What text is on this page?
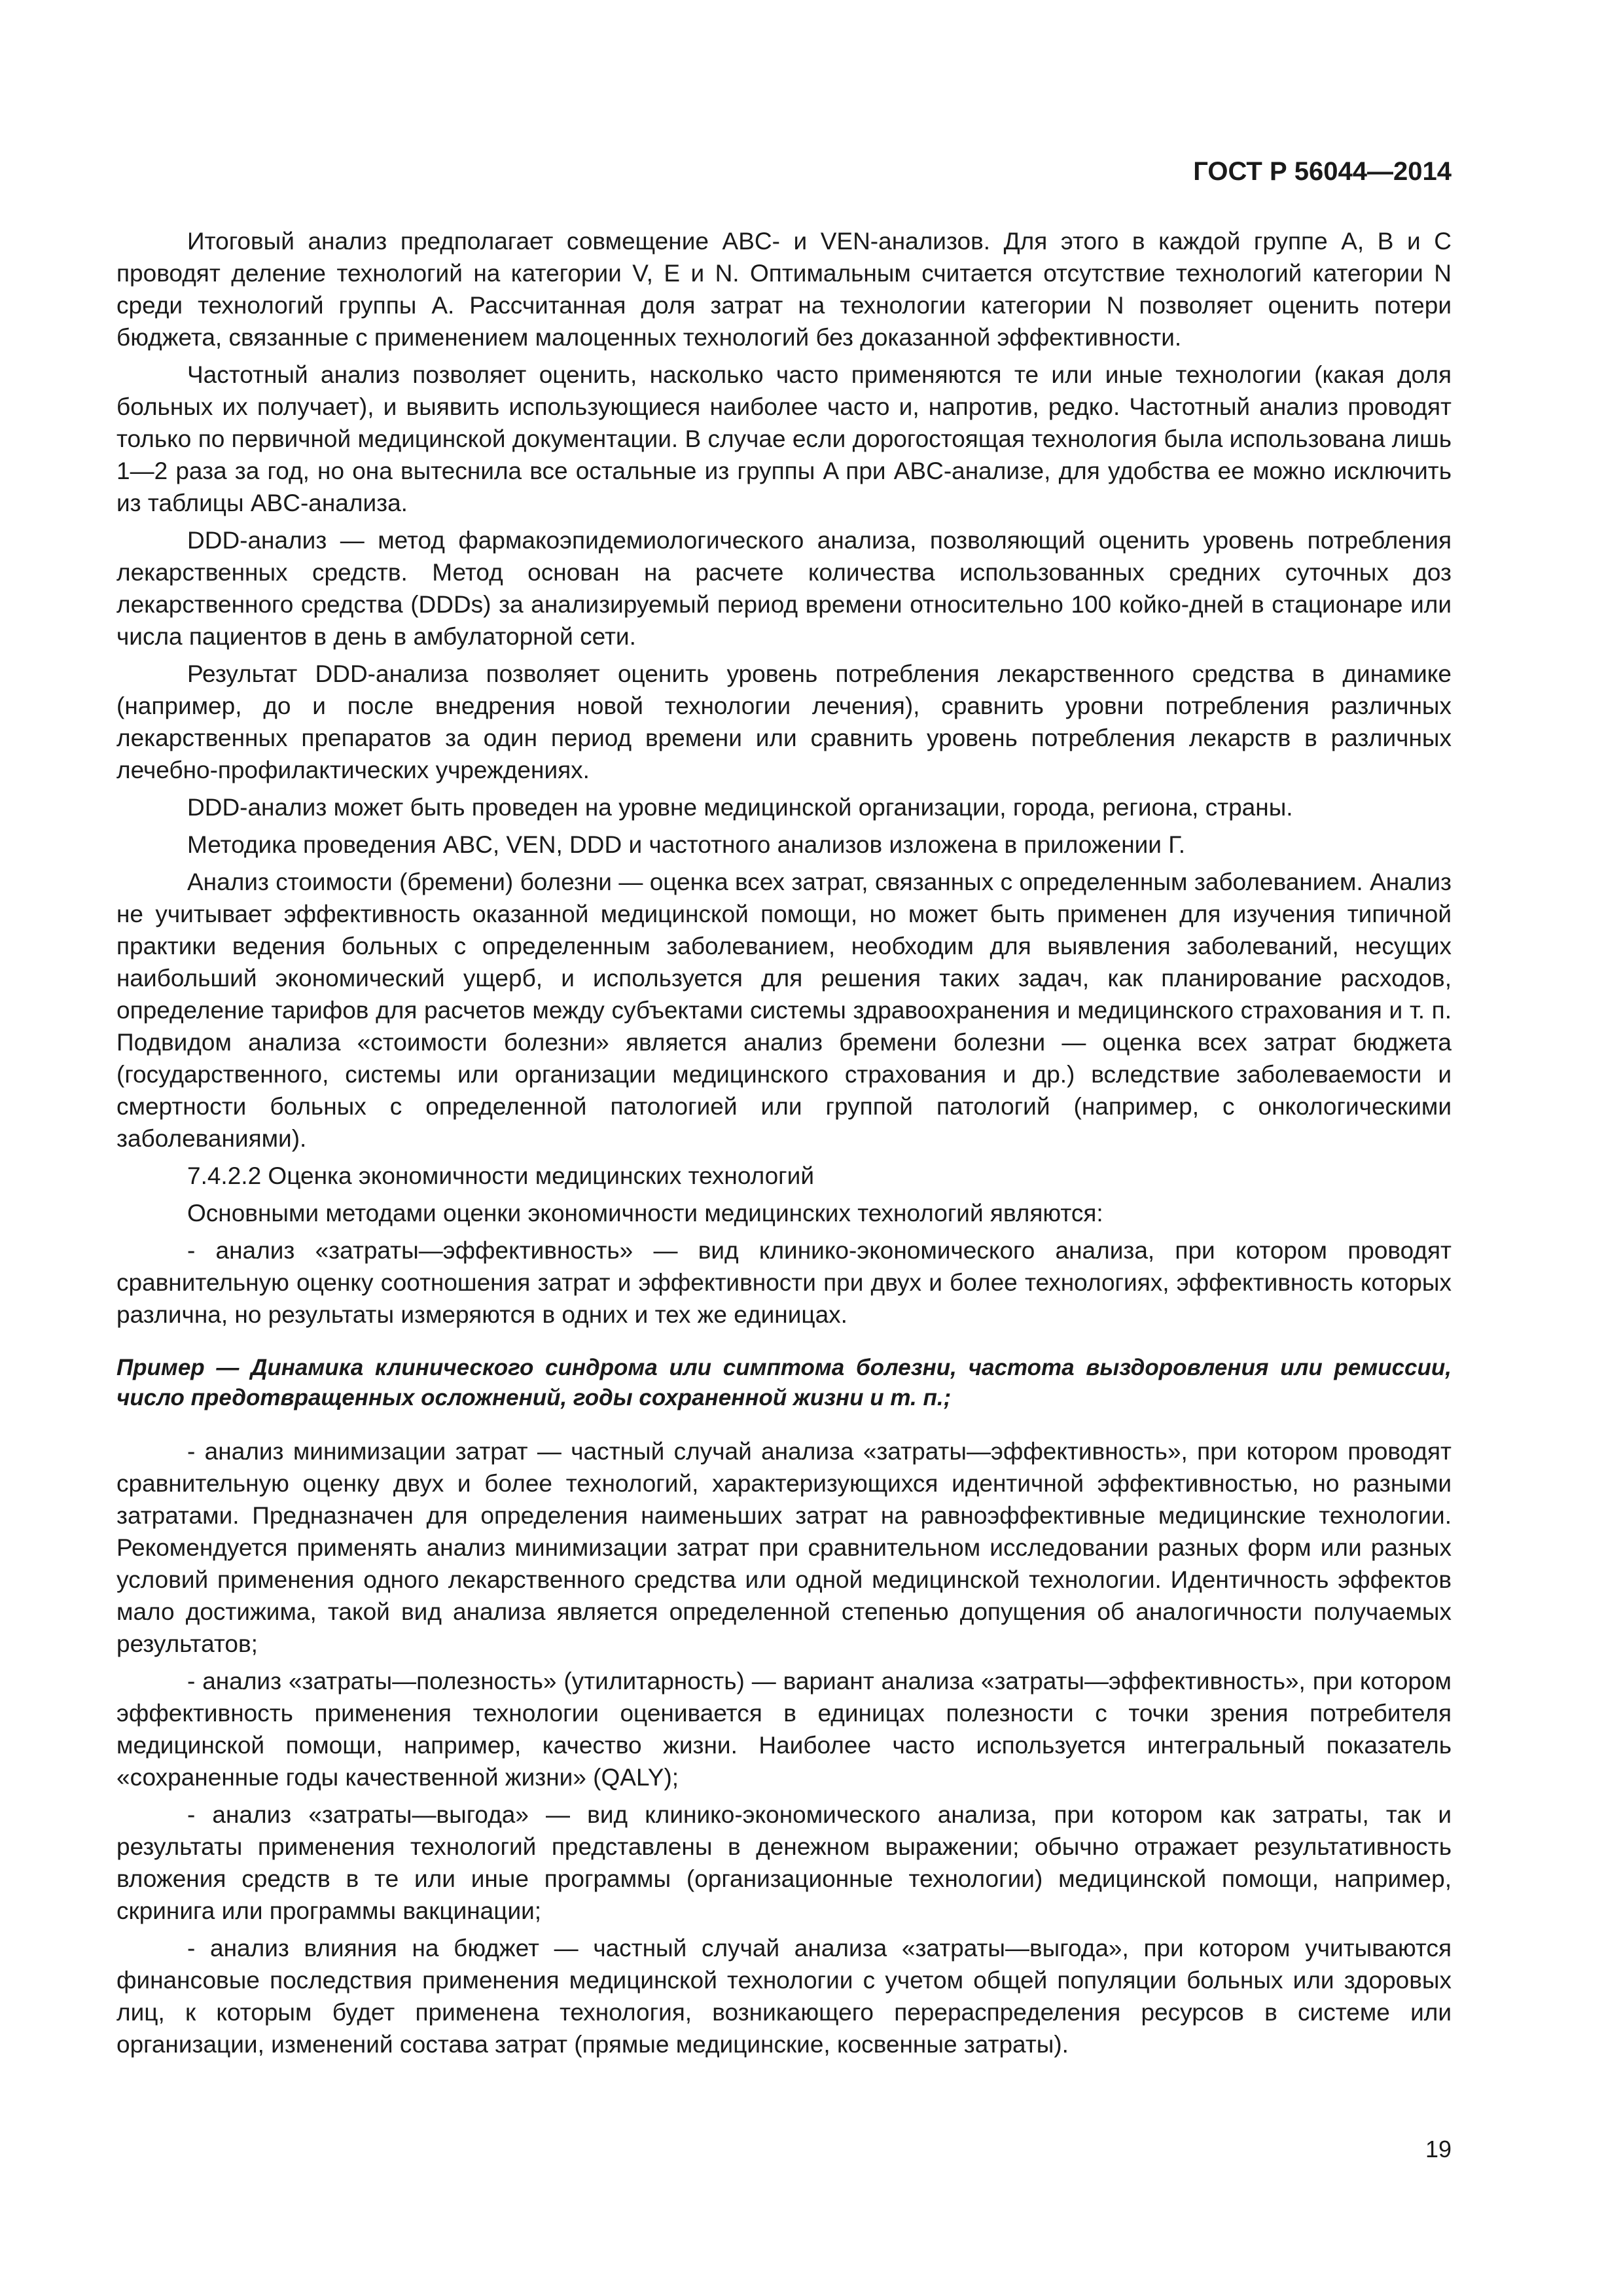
ГОСТ Р 56044—2014

Итоговый анализ предполагает совмещение ABC- и VEN-анализов. Для этого в каждой группе A, B и C проводят деление технологий на категории V, E и N. Оптимальным считается отсутствие технологий категории N среди технологий группы A. Рассчитанная доля затрат на технологии категории N позволяет оценить потери бюджета, связанные с применением малоценных технологий без доказанной эффективности.

Частотный анализ позволяет оценить, насколько часто применяются те или иные технологии (какая доля больных их получает), и выявить использующиеся наиболее часто и, напротив, редко. Частотный анализ проводят только по первичной медицинской документации. В случае если дорогостоящая технология была использована лишь 1—2 раза за год, но она вытеснила все остальные из группы A при ABC-анализе, для удобства ее можно исключить из таблицы ABC-анализа.

DDD-анализ — метод фармакоэпидемиологического анализа, позволяющий оценить уровень потребления лекарственных средств. Метод основан на расчете количества использованных средних суточных доз лекарственного средства (DDDs) за анализируемый период времени относительно 100 койко-дней в стационаре или числа пациентов в день в амбулаторной сети.

Результат DDD-анализа позволяет оценить уровень потребления лекарственного средства в динамике (например, до и после внедрения новой технологии лечения), сравнить уровни потребления различных лекарственных препаратов за один период времени или сравнить уровень потребления лекарств в различных лечебно-профилактических учреждениях.

DDD-анализ может быть проведен на уровне медицинской организации, города, региона, страны.

Методика проведения ABC, VEN, DDD и частотного анализов изложена в приложении Г.

Анализ стоимости (бремени) болезни — оценка всех затрат, связанных с определенным заболеванием. Анализ не учитывает эффективность оказанной медицинской помощи, но может быть применен для изучения типичной практики ведения больных с определенным заболеванием, необходим для выявления заболеваний, несущих наибольший экономический ущерб, и используется для решения таких задач, как планирование расходов, определение тарифов для расчетов между субъектами системы здравоохранения и медицинского страхования и т. п. Подвидом анализа «стоимости болезни» является анализ бремени болезни — оценка всех затрат бюджета (государственного, системы или организации медицинского страхования и др.) вследствие заболеваемости и смертности больных с определенной патологией или группой патологий (например, с онкологическими заболеваниями).

7.4.2.2 Оценка экономичности медицинских технологий

Основными методами оценки экономичности медицинских технологий являются:

- анализ «затраты—эффективность» — вид клинико-экономического анализа, при котором проводят сравнительную оценку соотношения затрат и эффективности при двух и более технологиях, эффективность которых различна, но результаты измеряются в одних и тех же единицах.

Пример — Динамика клинического синдрома или симптома болезни, частота выздоровления или ремиссии, число предотвращенных осложнений, годы сохраненной жизни и т. п.;

- анализ минимизации затрат — частный случай анализа «затраты—эффективность», при котором проводят сравнительную оценку двух и более технологий, характеризующихся идентичной эффективностью, но разными затратами. Предназначен для определения наименьших затрат на равноэффективные медицинские технологии. Рекомендуется применять анализ минимизации затрат при сравнительном исследовании разных форм или разных условий применения одного лекарственного средства или одной медицинской технологии. Идентичность эффектов мало достижима, такой вид анализа является определенной степенью допущения об аналогичности получаемых результатов;

- анализ «затраты—полезность» (утилитарность) — вариант анализа «затраты—эффективность», при котором эффективность применения технологии оценивается в единицах полезности с точки зрения потребителя медицинской помощи, например, качество жизни. Наиболее часто используется интегральный показатель «сохраненные годы качественной жизни» (QALY);

- анализ «затраты—выгода» — вид клинико-экономического анализа, при котором как затраты, так и результаты применения технологий представлены в денежном выражении; обычно отражает результативность вложения средств в те или иные программы (организационные технологии) медицинской помощи, например, скринига или программы вакцинации;

- анализ влияния на бюджет — частный случай анализа «затраты—выгода», при котором учитываются финансовые последствия применения медицинской технологии с учетом общей популяции больных или здоровых лиц, к которым будет применена технология, возникающего перераспределения ресурсов в системе или организации, изменений состава затрат (прямые медицинские, косвенные затраты).

19
